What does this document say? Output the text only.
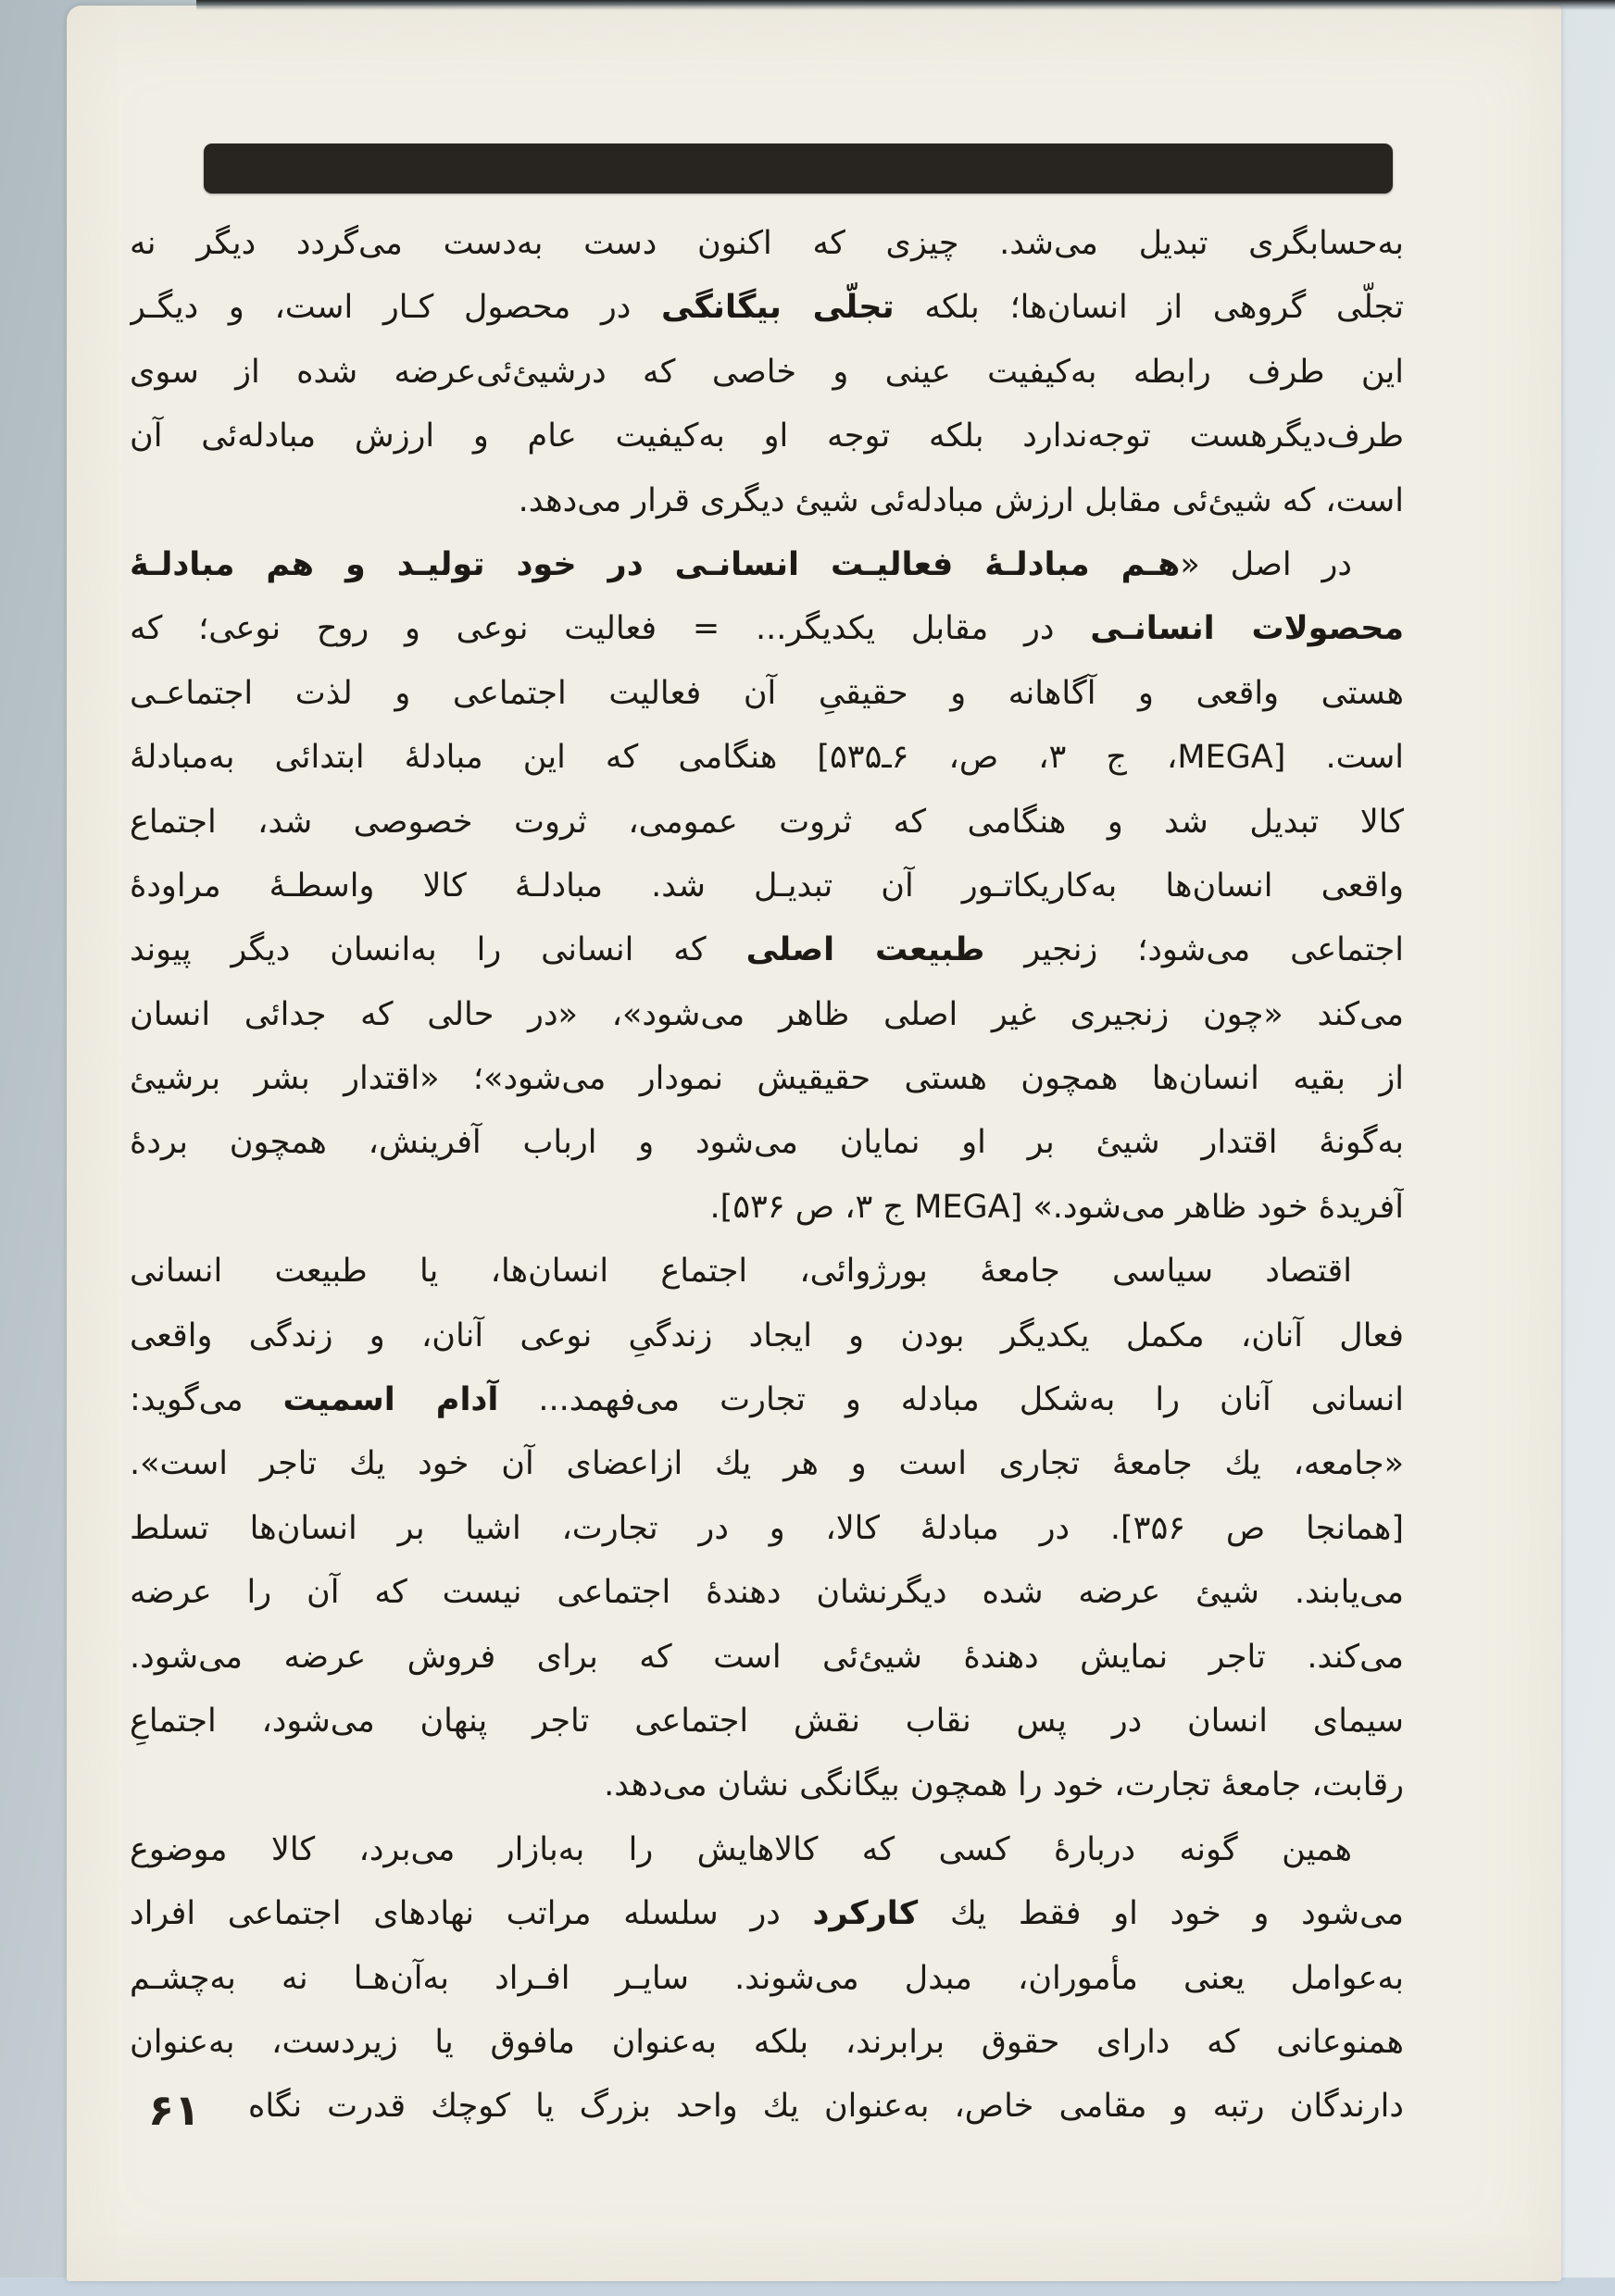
به‌حسابگری تبدیل می‌شد. چیزی که اکنون دست به‌دست می‌گردد دیگر نه
تجلّی گروهی از انسان‌ها؛ بلکه تجلّی بیگانگی در محصول کـار است، و دیگـر
این طرف رابطه به‌کیفیت عینی و خاصی که درشیئ‌ئی‌عرضه شده از سوی
طرف‌دیگرهست توجه‌ندارد بلکه توجه او به‌کیفیت عام و ارزش مبادله‌ئی آن
است، که شیئ‌ئی مقابل ارزش مبادله‌ئی شیئ دیگری قرار می‌دهد.
در اصل «هـم مبادلـهٔ فعالیـت انسانـی در خود تولیـد و هم مبادلـهٔ
محصولات انسانـی در مقابل یکدیگر... = فعالیت نوعی و روح نوعی؛ که
هستی واقعی و آگاهانه و حقیقیِ آن فعالیت اجتماعی و لذت اجتماعـی
است. [MEGA، ج ۳، ص، ۶ـ۵۳۵] هنگامی که این مبادلهٔ ابتدائی به‌مبادلهٔ
کالا تبدیل شد و هنگامی که ثروت عمومی، ثروت خصوصی شد، اجتماع
واقعی انسان‌ها به‌کاریکاتـور آن تبدیـل شد. مبادلـهٔ کالا واسطـهٔ مراودهٔ
اجتماعی می‌شود؛ زنجیر طبیعت اصلی که انسانی را به‌انسان دیگر پیوند
می‌کند «چون زنجیری غیر اصلی ظاهر می‌شود»، «در حالی که جدائی انسان
از بقیه انسان‌ها همچون هستی حقیقیش نمودار می‌شود»؛ «اقتدار بشر برشیئ
به‌گونهٔ اقتدار شیئ بر او نمایان می‌شود و ارباب آفرینش، همچون بردهٔ
آفریدهٔ خود ظاهر می‌شود.» [MEGA ج ۳، ص ۵۳۶].
اقتصاد سیاسی جامعهٔ بورژوائی، اجتماع انسان‌ها، یا طبیعت انسانی
فعال آنان، مکمل یکدیگر بودن و ایجاد زندگیِ نوعی آنان، و زندگی واقعی
انسانی آنان را به‌شکل مبادله و تجارت می‌فهمد... آدام اسمیت می‌گوید:
«جامعه، یك جامعهٔ تجاری است و هر یك ازاعضای آن خود یك تاجر است».
[همانجا ص ۳۵۶]. در مبادلهٔ کالا، و در تجارت، اشیا بر انسان‌ها تسلط
می‌یابند. شیئ عرضه شده دیگرنشان دهندهٔ اجتماعی نیست که آن را عرضه
می‌کند. تاجر نمایش دهندهٔ شیئ‌ئی است که برای فروش عرضه می‌شود.
سیمای انسان در پس نقاب نقش اجتماعی تاجر پنهان می‌شود، اجتماعِ
رقابت، جامعهٔ تجارت، خود را همچون بیگانگی نشان می‌دهد.
همین گونه دربارهٔ کسی که کالاهایش را به‌بازار می‌برد، کالا موضوع
می‌شود و خود او فقط یك کارکرد در سلسله مراتب نهادهای اجتماعی افراد
به‌عوامل یعنی مأموران، مبدل می‌شوند. سایـر افـراد به‌آن‌هـا نه به‌چشـم
همنوعانی که دارای حقوق برابرند، بلکه به‌عنوان مافوق یا زیردست، به‌عنوان
دارندگان رتبه و مقامی خاص، به‌عنوان یك واحد بزرگ یا کوچك قدرت نگاه
۶۱
